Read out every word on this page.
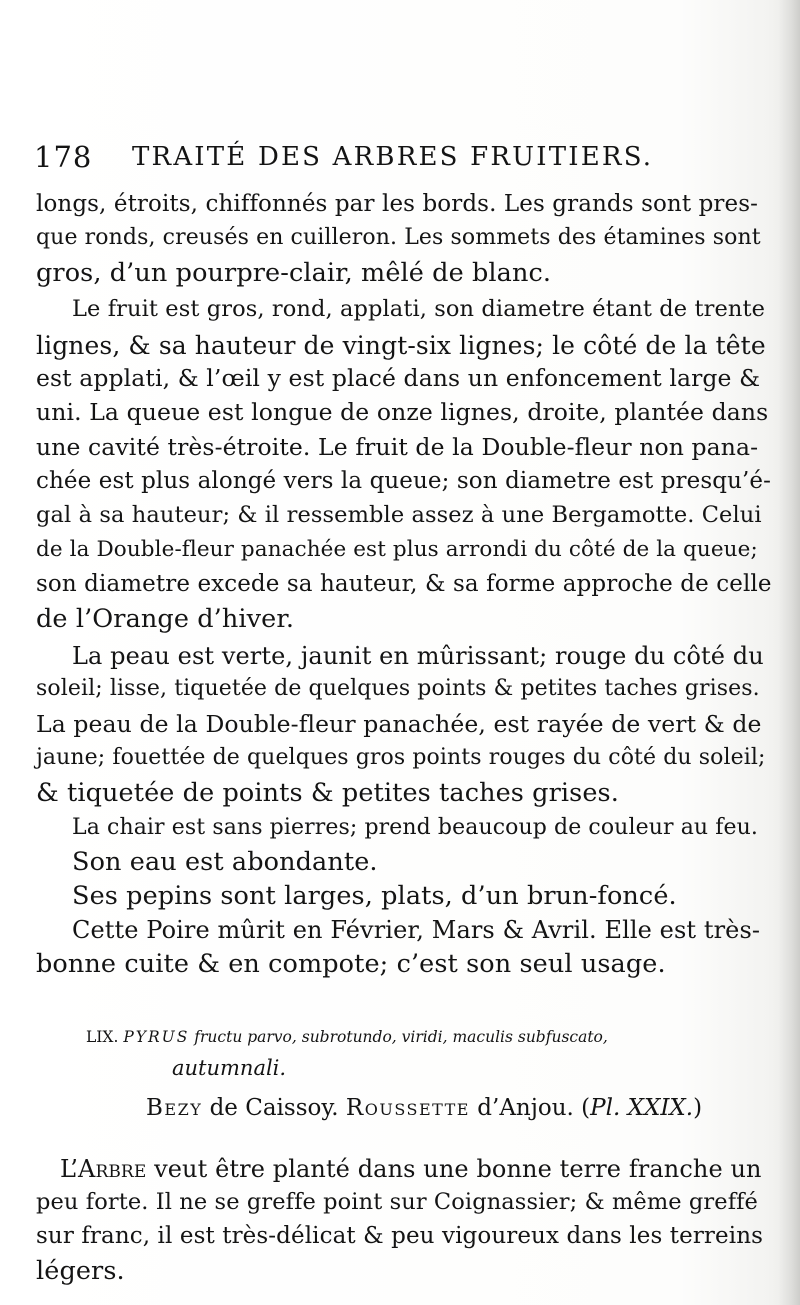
178 TRAITÉ DES ARBRES FRUITIERS.
longs, étroits, chiffonnés par les bords. Les grands sont pres-
que ronds, creusés en cuilleron. Les sommets des étamines sont
gros, d’un pourpre-clair, mêlé de blanc.
Le fruit est gros, rond, applati, son diametre étant de trente
lignes, & sa hauteur de vingt-six lignes; le côté de la tête
est applati, & l’œil y est placé dans un enfoncement large &
uni. La queue est longue de onze lignes, droite, plantée dans
une cavité très-étroite. Le fruit de la Double-fleur non pana-
chée est plus alongé vers la queue; son diametre est presqu’é-
gal à sa hauteur; & il ressemble assez à une Bergamotte. Celui
de la Double-fleur panachée est plus arrondi du côté de la queue;
son diametre excede sa hauteur, & sa forme approche de celle
de l’Orange d’hiver.
La peau est verte, jaunit en mûrissant; rouge du côté du
soleil; lisse, tiquetée de quelques points & petites taches grises.
La peau de la Double-fleur panachée, est rayée de vert & de
jaune; fouettée de quelques gros points rouges du côté du soleil;
& tiquetée de points & petites taches grises.
La chair est sans pierres; prend beaucoup de couleur au feu.
Son eau est abondante.
Ses pepins sont larges, plats, d’un brun-foncé.
Cette Poire mûrit en Février, Mars & Avril. Elle est très-
bonne cuite & en compote; c’est son seul usage.
LIX. PYRUS fructu parvo, subrotundo, viridi, maculis subfuscato,
autumnali.
Bezy de Caissoy. Roussette d’Anjou. (Pl. XXIX.)
L’Arbre veut être planté dans une bonne terre franche un
peu forte. Il ne se greffe point sur Coignassier; & même greffé
sur franc, il est très-délicat & peu vigoureux dans les terreins
légers.
